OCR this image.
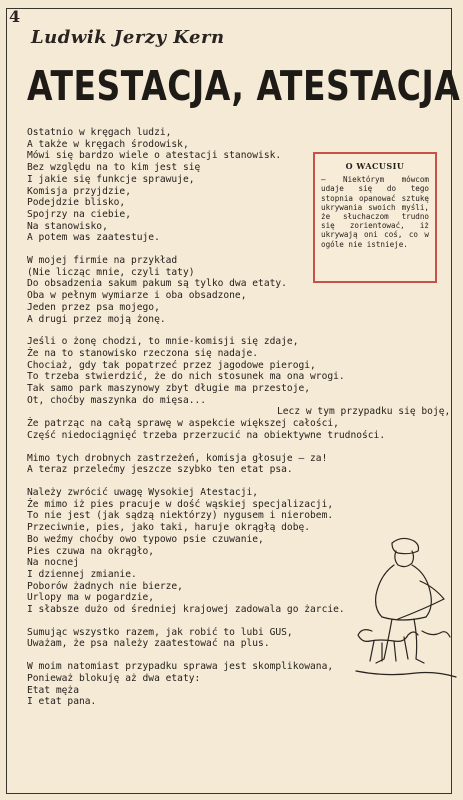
4
Ludwik Jerzy Kern
ATESTACJA, ATESTACJA
Ostatnio w kręgach ludzi,
A także w kręgach środowisk,
Mówi się bardzo wiele o atestacji stanowisk.
Bez względu na to kim jest się
I jakie się funkcje sprawuje,
Komisja przyjdzie,
Podejdzie blisko,
Spojrzy na ciebie,
Na stanowisko,
A potem was zaatestuje.
W mojej firmie na przykład
(Nie licząc mnie, czyli taty)
Do obsadzenia sakum pakum są tylko dwa etaty.
Oba w pełnym wymiarze i oba obsadzone,
Jeden przez psa mojego,
A drugi przez moją żonę.
Jeśli o żonę chodzi, to mnie-komisji się zdaje,
Że na to stanowisko rzeczona się nadaje.
Chociaż, gdy tak popatrzeć przez jagodowe pierogi,
To trzeba stwierdzić, że do nich stosunek ma ona wrogi.
Tak samo park maszynowy zbyt długie ma przestoje,
Ot, choćby maszynka do mięsa...
Lecz w tym przypadku się boję,
Że patrząc na całą sprawę w aspekcie większej całości,
Część niedociągnięć trzeba przerzucić na obiektywne trudności.
Mimo tych drobnych zastrzeżeń, komisja głosuje — za!
A teraz przelećmy jeszcze szybko ten etat psa.
Należy zwrócić uwagę Wysokiej Atestacji,
Że mimo iż pies pracuje w dość wąskiej specjalizacji,
To nie jest (jak sądzą niektórzy) nygusem i nierobem.
Przeciwnie, pies, jako taki, haruje okrągłą dobę.
Bo weźmy choćby owo typowo psie czuwanie,
Pies czuwa na okrągło,
Na nocnej
I dziennej zmianie.
Poborów żadnych nie bierze,
Urlopy ma w pogardzie,
I słabsze dużo od średniej krajowej zadowala go żarcie.
Sumując wszystko razem, jak robić to lubi GUS,
Uważam, że psa należy zaatestować na plus.
W moim natomiast przypadku sprawa jest skomplikowana,
Ponieważ blokuję aż dwa etaty:
Etat męża
I etat pana.
O WACUSIU

— Niektórym mówcom udaje się do tego stopnia opanować sztukę ukrywania swoich myśli, że słuchaczom trudno się zorientować, iż ukrywają oni coś, co w ogóle nie istnieje.
